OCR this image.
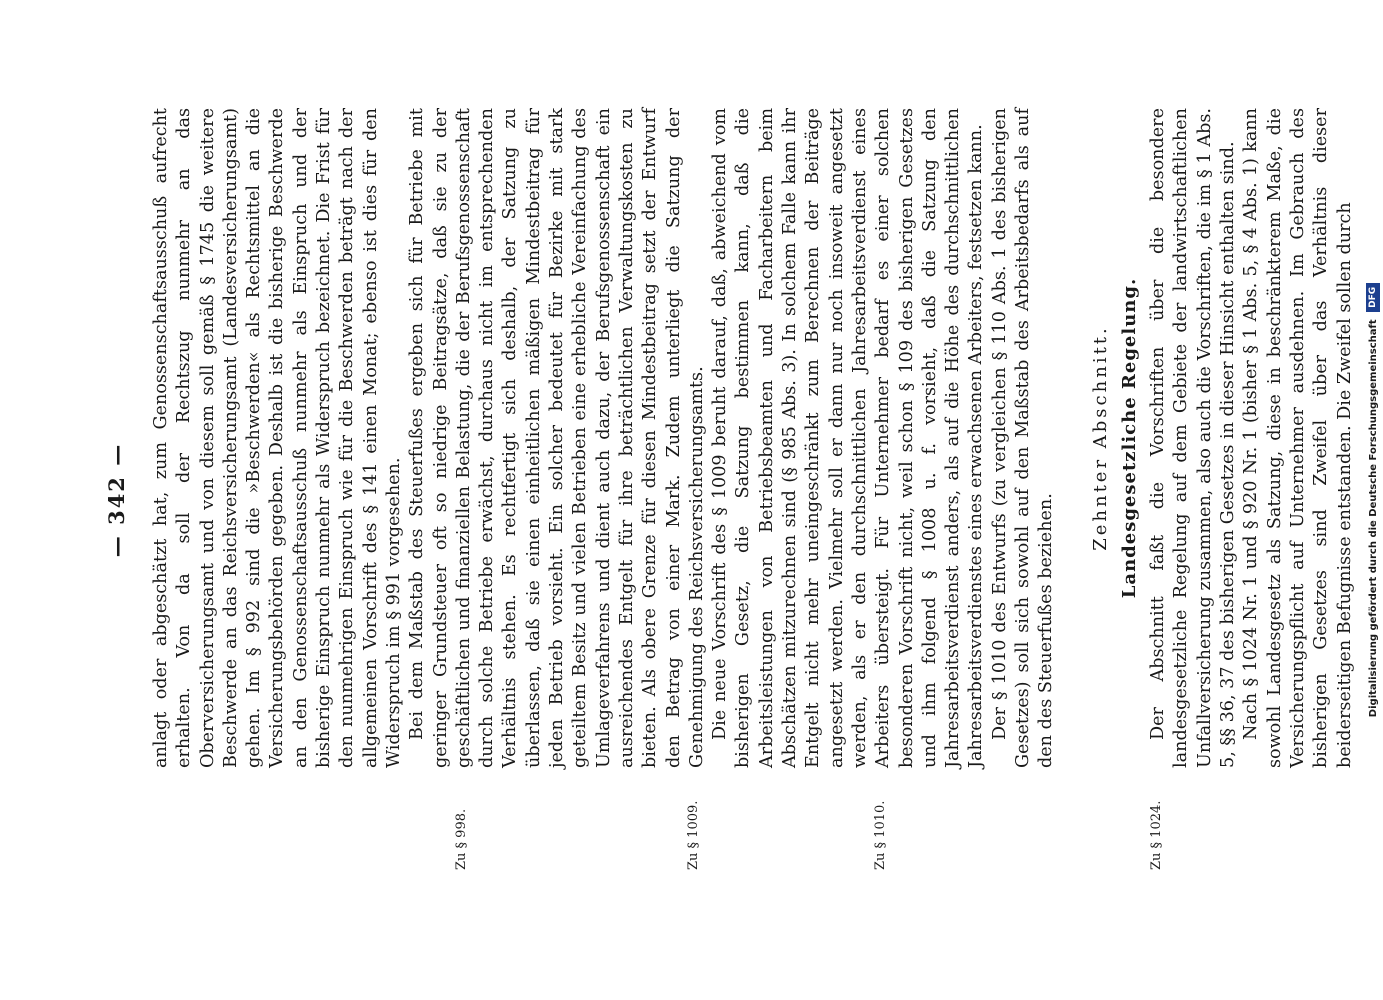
— 342 —
Zu § 998.	Zu § 1009.	Zu § 1010.	Zu § 1024.

anlagt oder abgeschätzt hat, zum Genossenschaftsausschuß aufrecht erhalten. Von da soll der Rechtszug nunmehr an das Oberversicherungsamt und von diesem soll gemäß § 1745 die weitere Beschwerde an das Reichsversicherungsamt (Landesversicherungsamt) gehen. Im § 992 sind die »Beschwerden« als Rechtsmittel an die Versicherungsbehörden gegeben. Deshalb ist die bisherige Beschwerde an den Genossenschaftsausschuß nunmehr als Einspruch und der bisherige Einspruch nunmehr als Widerspruch bezeichnet. Die Frist für den nunmehrigen Einspruch wie für die Beschwerden beträgt nach der allgemeinen Vorschrift des § 141 einen Monat; ebenso ist dies für den Widerspruch im § 991 vorgesehen. Bei dem Maßstab des Steuerfußes ergeben sich für Betriebe mit geringer Grundsteuer oft so niedrige Beitragsätze, daß sie zu der geschäftlichen und finanziellen Belastung, die der Berufsgenossenschaft durch solche Betriebe erwächst, durchaus nicht im entsprechenden Verhältnis stehen. Es rechtfertigt sich deshalb, der Satzung zu überlassen, daß sie einen einheitlichen mäßigen Mindestbeitrag für jeden Betrieb vorsieht. Ein solcher bedeutet für Bezirke mit stark geteiltem Besitz und vielen Betrieben eine erhebliche Vereinfachung des Umlageverfahrens und dient auch dazu, der Berufsgenossenschaft ein ausreichendes Entgelt für ihre beträchtlichen Verwaltungskosten zu bieten. Als obere Grenze für diesen Mindestbeitrag setzt der Entwurf den Betrag von einer Mark. Zudem unterliegt die Satzung der Genehmigung des Reichsversicherungsamts. Die neue Vorschrift des § 1009 beruht darauf, daß, abweichend vom bisherigen Gesetz, die Satzung bestimmen kann, daß die Arbeitsleistungen von Betriebsbeamten und Facharbeitern beim Abschätzen mitzurechnen sind (§ 985 Abs. 3). In solchem Falle kann ihr Entgelt nicht mehr uneingeschränkt zum Berechnen der Beiträge angesetzt werden. Vielmehr soll er dann nur noch insoweit angesetzt werden, als er den durchschnittlichen Jahresarbeitsverdienst eines Arbeiters übersteigt. Für Unternehmer bedarf es einer solchen besonderen Vorschrift nicht, weil schon § 109 des bisherigen Gesetzes und ihm folgend § 1008 u. f. vorsieht, daß die Satzung den Jahresarbeitsverdienst anders, als auf die Höhe des durchschnittlichen Jahresarbeitsverdienstes eines erwachsenen Arbeiters, festsetzen kann. Der § 1010 des Entwurfs (zu vergleichen § 110 Abs. 1 des bisherigen Gesetzes) soll sich sowohl auf den Maßstab des Arbeitsbedarfs als auf den des Steuerfußes beziehen.

Zehnter Abschnitt. Landesgesetzliche Regelung. Der Abschnitt faßt die Vorschriften über die besondere landesgesetzliche Regelung auf dem Gebiete der landwirtschaftlichen Unfallversicherung zusammen, also auch die Vorschriften, die im § 1 Abs. 5, §§ 36, 37 des bisherigen Gesetzes in dieser Hinsicht enthalten sind. Nach § 1024 Nr. 1 und § 920 Nr. 1 (bisher § 1 Abs. 5, § 4 Abs. 1) kann sowohl Landesgesetz als Satzung, diese in beschränkterem Maße, die Versicherungspflicht auf Unternehmer ausdehnen. Im Gebrauch des bisherigen Gesetzes sind Zweifel über das Verhältnis dieser beiderseitigen Befugnisse entstanden. Die Zweifel sollen durch Digitalisierung gefördert durch die Deutsche Forschungsgemeinschaft DFG
